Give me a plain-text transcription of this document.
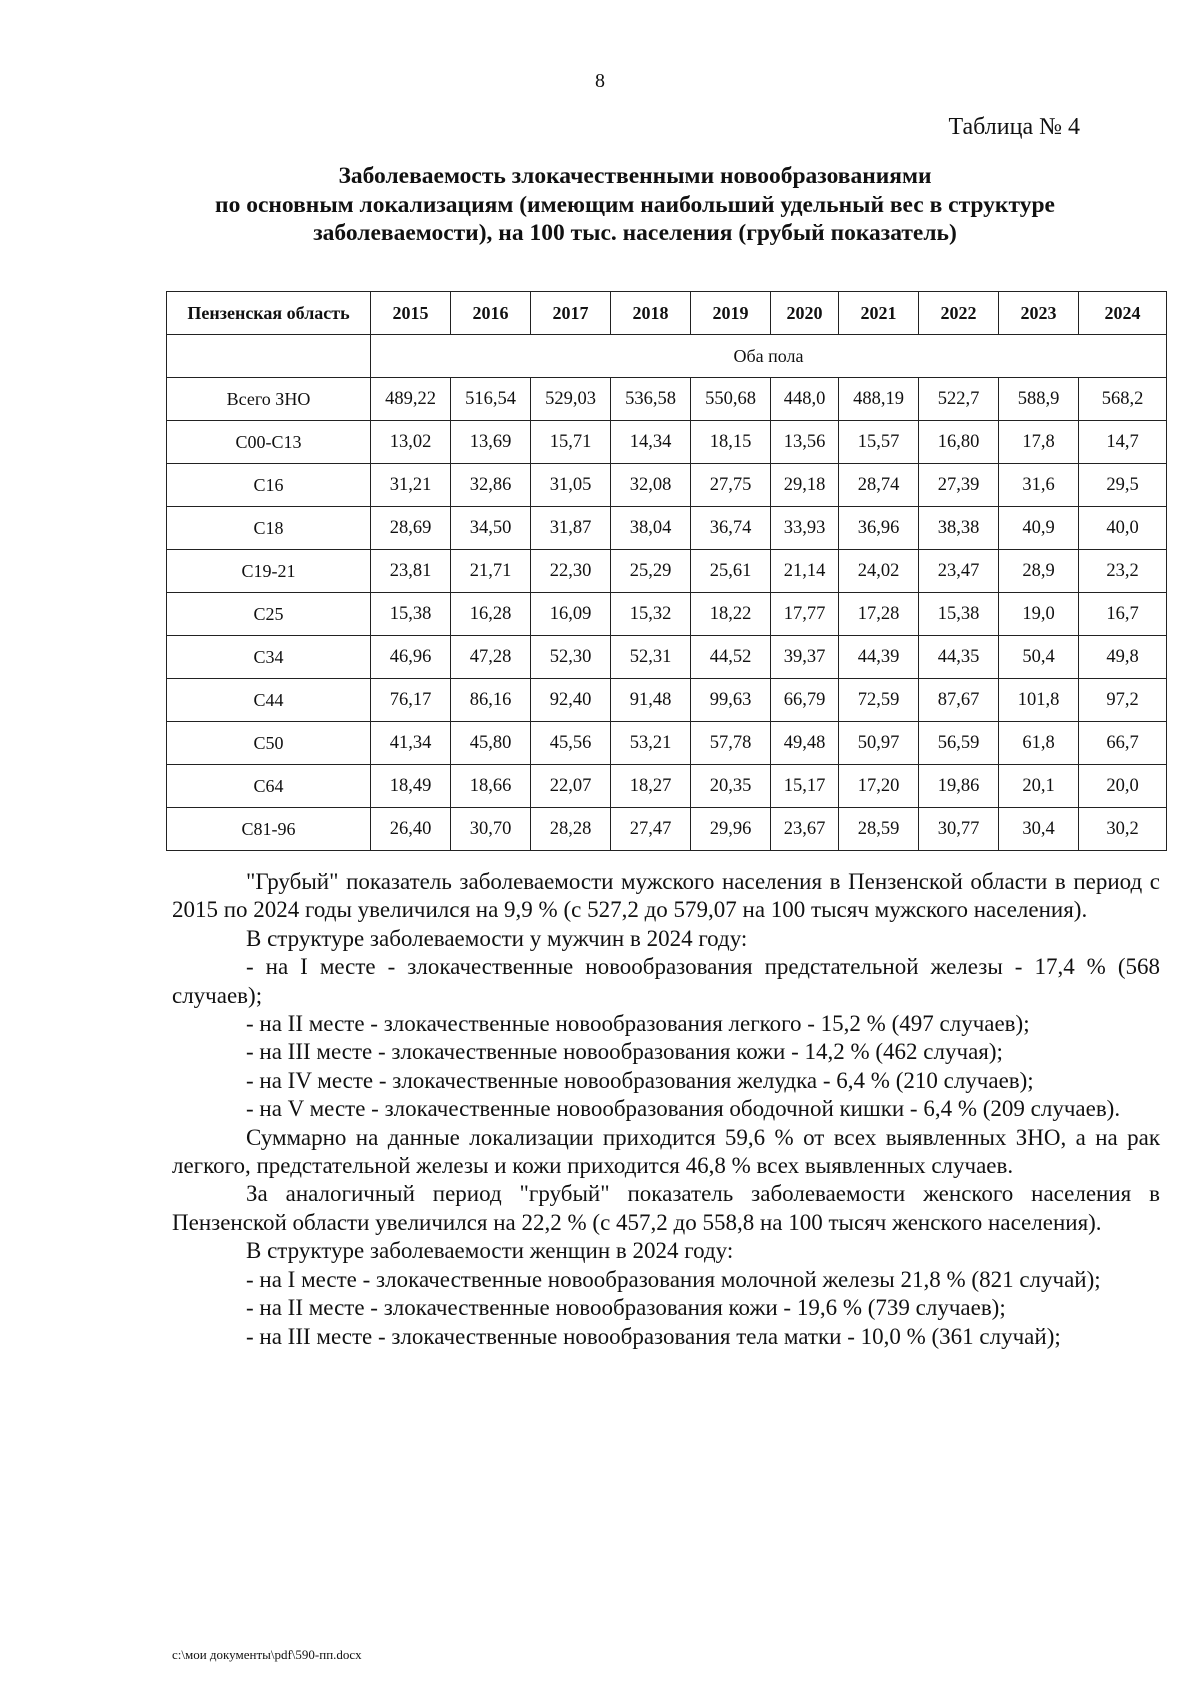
8
Таблица № 4
Заболеваемость злокачественными новообразованиями
по основным локализациям (имеющим наибольший удельный вес в структуре
заболеваемости), на 100 тыс. населения (грубый показатель)
Пензенская область	2015	2016	2017	2018	2019	2020	2021	2022	2023	2024
	Оба пола									
Всего ЗНО	489,22	516,54	529,03	536,58	550,68	448,0	488,19	522,7	588,9	568,2
С00-С13	13,02	13,69	15,71	14,34	18,15	13,56	15,57	16,80	17,8	14,7
С16	31,21	32,86	31,05	32,08	27,75	29,18	28,74	27,39	31,6	29,5
С18	28,69	34,50	31,87	38,04	36,74	33,93	36,96	38,38	40,9	40,0
С19-21	23,81	21,71	22,30	25,29	25,61	21,14	24,02	23,47	28,9	23,2
С25	15,38	16,28	16,09	15,32	18,22	17,77	17,28	15,38	19,0	16,7
С34	46,96	47,28	52,30	52,31	44,52	39,37	44,39	44,35	50,4	49,8
С44	76,17	86,16	92,40	91,48	99,63	66,79	72,59	87,67	101,8	97,2
С50	41,34	45,80	45,56	53,21	57,78	49,48	50,97	56,59	61,8	66,7
С64	18,49	18,66	22,07	18,27	20,35	15,17	17,20	19,86	20,1	20,0
С81-96	26,40	30,70	28,28	27,47	29,96	23,67	28,59	30,77	30,4	30,2

"Грубый" показатель заболеваемости мужского населения в Пензенской области в период с 2015 по 2024 годы увеличился на 9,9 % (с 527,2 до 579,07 на 100 тысяч мужского населения).

В структуре заболеваемости у мужчин в 2024 году:

- на I месте - злокачественные новообразования предстательной железы - 17,4 % (568 случаев);

- на II месте - злокачественные новообразования легкого - 15,2 % (497 случаев);

- на III месте - злокачественные новообразования кожи - 14,2 % (462 случая);

- на IV месте - злокачественные новообразования желудка - 6,4 % (210 случаев);

- на V месте - злокачественные новообразования ободочной кишки - 6,4 % (209 случаев).

Суммарно на данные локализации приходится 59,6 % от всех выявленных ЗНО, а на рак легкого, предстательной железы и кожи приходится 46,8 % всех выявленных случаев.

За аналогичный период "грубый" показатель заболеваемости женского населения в Пензенской области увеличился на 22,2 % (с 457,2 до 558,8 на 100 тысяч женского населения).

В структуре заболеваемости женщин в 2024 году:

- на I месте - злокачественные новообразования молочной железы 21,8 % (821 случай);

- на II месте - злокачественные новообразования кожи - 19,6 % (739 случаев);

- на III месте - злокачественные новообразования тела матки - 10,0 % (361 случай);

c:\мои документы\pdf\590-пп.docx
